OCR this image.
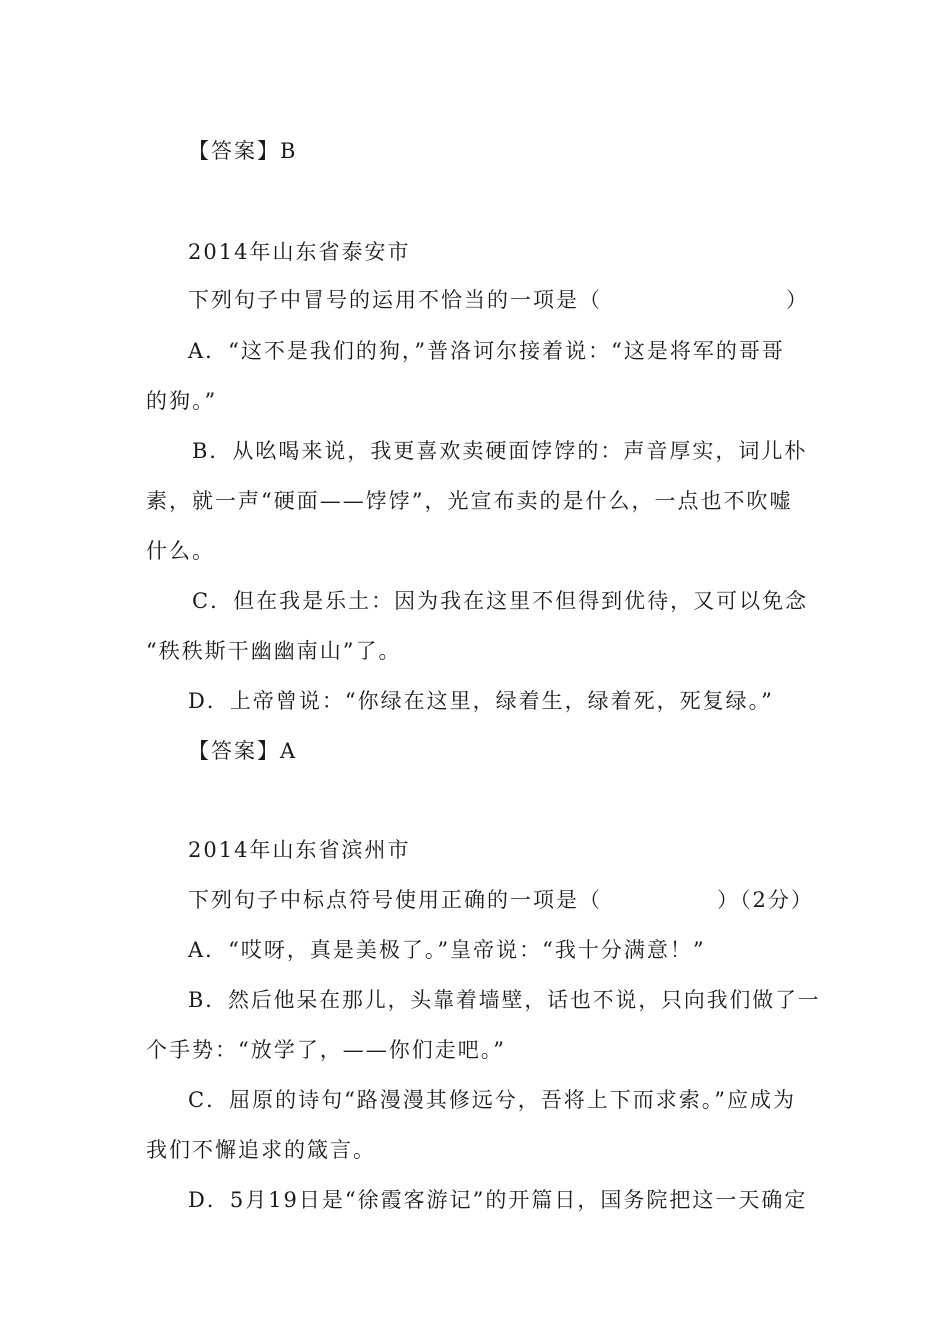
【答案】B
2014年山东省泰安市
下列句子中冒号的运用不恰当的一项是（　　　　　　　　）
A．“这不是我们的狗，”普洛诃尔接着说：“这是将军的哥哥
的狗。”
B．从吆喝来说，我更喜欢卖硬面饽饽的：声音厚实，词儿朴
素，就一声“硬面——饽饽”，光宣布卖的是什么，一点也不吹嘘
什么。
C．但在我是乐土：因为我在这里不但得到优待，又可以免念
“秩秩斯干幽幽南山”了。
D．上帝曾说：“你绿在这里，绿着生，绿着死，死复绿。”
【答案】A
2014年山东省滨州市
下列句子中标点符号使用正确的一项是（　　　　　）（2分）
A．“哎呀，真是美极了。”皇帝说：“我十分满意！”
B．然后他呆在那儿，头靠着墙壁，话也不说，只向我们做了一
个手势：“放学了，——你们走吧。”
C．屈原的诗句“路漫漫其修远兮，吾将上下而求索。”应成为
我们不懈追求的箴言。
D．5月19日是“徐霞客游记”的开篇日，国务院把这一天确定
